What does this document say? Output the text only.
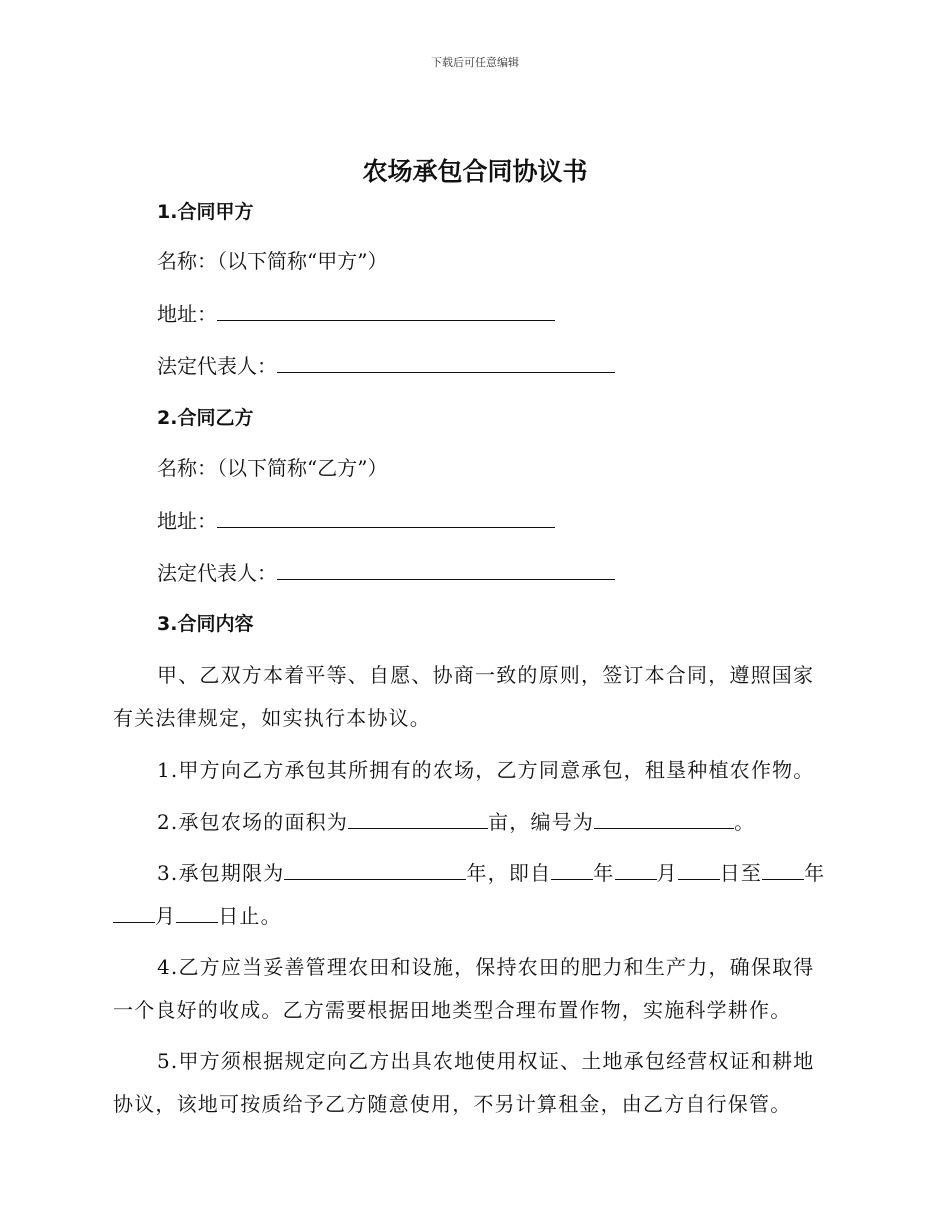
下载后可任意编辑
农场承包合同协议书
1.合同甲方
名称：（以下简称“甲方”）
地址：
法定代表人：
2.合同乙方
名称：（以下简称“乙方”）
地址：
法定代表人：
3.合同内容
甲、乙双方本着平等、自愿、协商一致的原则，签订本合同，遵照国家有关法律规定，如实执行本协议。
1.甲方向乙方承包其所拥有的农场，乙方同意承包，租垦种植农作物。
2.承包农场的面积为	亩，编号为	。
3.承包期限为	年，即自 年 月 日至 年月 日止。
4.乙方应当妥善管理农田和设施，保持农田的肥力和生产力，确保取得一个良好的收成。乙方需要根据田地类型合理布置作物，实施科学耕作。
5.甲方须根据规定向乙方出具农地使用权证、土地承包经营权证和耕地协议，该地可按质给予乙方随意使用，不另计算租金，由乙方自行保管。
